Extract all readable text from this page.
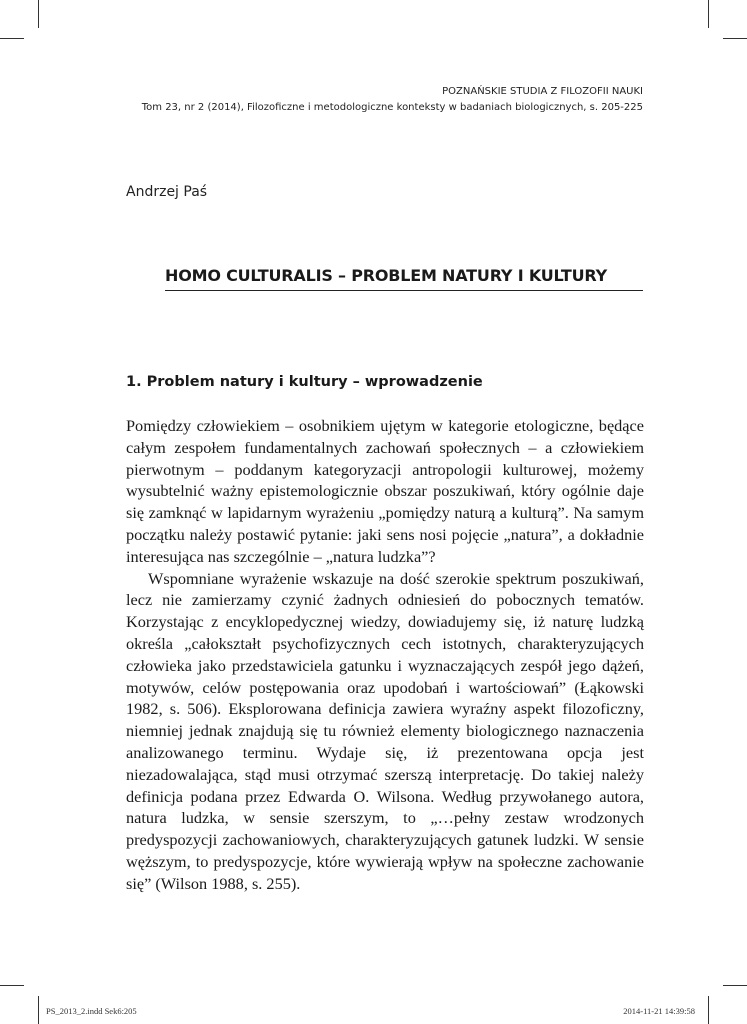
POZNAŃSKIE STUDIA Z FILOZOFII NAUKI
Tom 23, nr 2 (2014), Filozoficzne i metodologiczne konteksty w badaniach biologicznych, s. 205-225
Andrzej Paś
HOMO CULTURALIS – PROBLEM NATURY I KULTURY
1. Problem natury i kultury – wprowadzenie

Pomiędzy człowiekiem – osobnikiem ujętym w kategorie etologiczne, będące całym zespołem fundamentalnych zachowań społecznych – a człowiekiem pierwotnym – poddanym kategoryzacji antropologii kulturowej, możemy wysubtelnić ważny epistemologicznie obszar poszukiwań, który ogólnie daje się zamknąć w lapidarnym wyrażeniu „pomiędzy naturą a kulturą”. Na samym początku należy postawić pytanie: jaki sens nosi pojęcie „natura”, a dokładnie interesująca nas szczególnie – „natura ludzka”?

Wspomniane wyrażenie wskazuje na dość szerokie spektrum poszukiwań, lecz nie zamierzamy czynić żadnych odniesień do pobocznych tematów. Korzystając z encyklopedycznej wiedzy, dowiadujemy się, iż naturę ludzką określa „całokształt psychofizycznych cech istotnych, charakteryzujących człowieka jako przedstawiciela gatunku i wyznaczających zespół jego dążeń, motywów, celów postępowania oraz upodobań i wartościowań” (Łąkowski 1982, s. 506). Eksplorowana definicja zawiera wyraźny aspekt filozoficzny, niemniej jednak znajdują się tu również elementy biologicznego naznaczenia analizowanego terminu. Wydaje się, iż prezentowana opcja jest niezadowalająca, stąd musi otrzymać szerszą interpretację. Do takiej należy definicja podana przez Edwarda O. Wilsona. Według przywołanego autora, natura ludzka, w sensie szerszym, to „…pełny zestaw wrodzonych predyspozycji zachowaniowych, charakteryzujących gatunek ludzki. W sensie węższym, to predyspozycje, które wywierają wpływ na społeczne zachowanie się” (Wilson 1988, s. 255).

PS_2013_2.indd Sek6:205	2014-11-21 14:39:58
